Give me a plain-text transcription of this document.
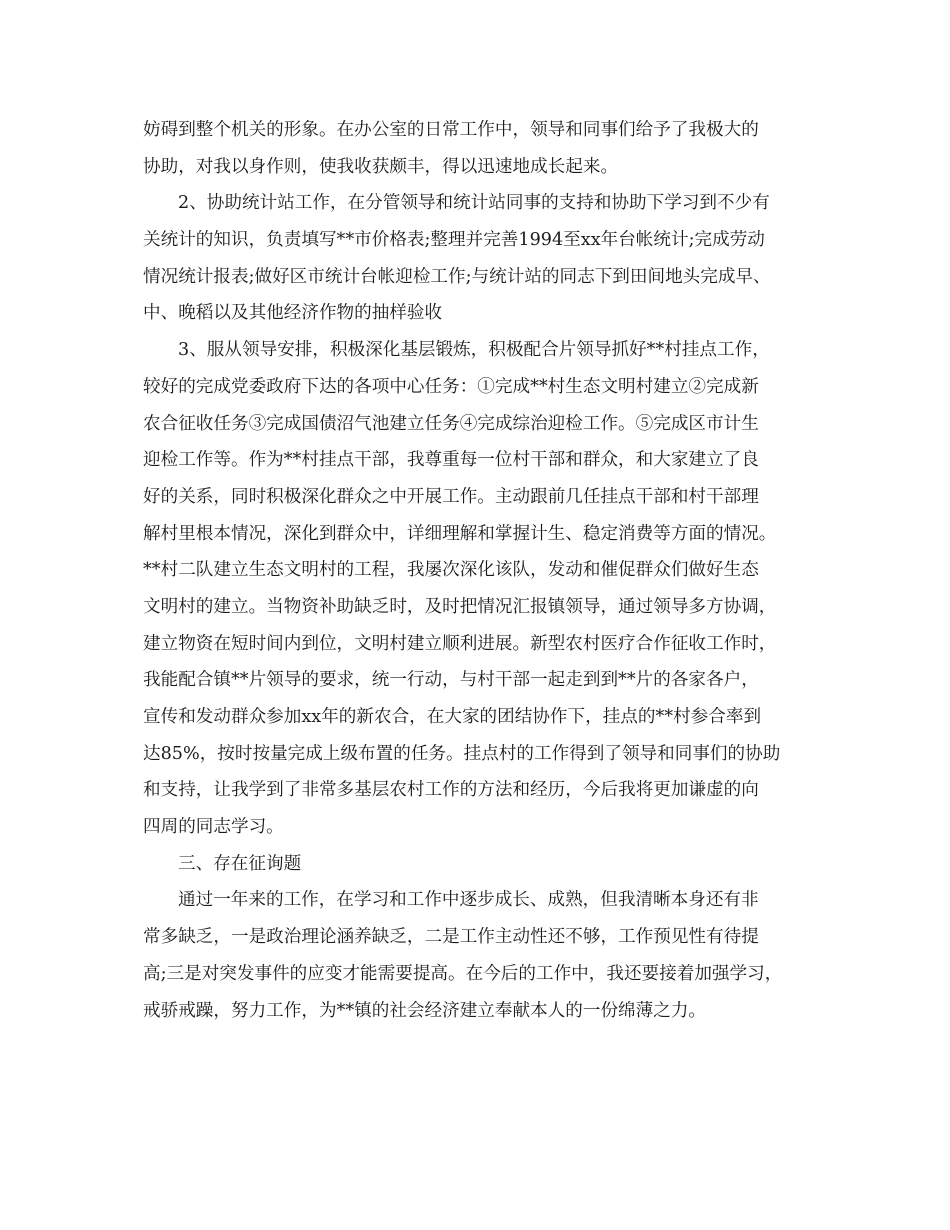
妨碍到整个机关的形象。在办公室的日常工作中，领导和同事们给予了我极大的
协助，对我以身作则，使我收获颇丰，得以迅速地成长起来。
2、协助统计站工作，在分管领导和统计站同事的支持和协助下学习到不少有
关统计的知识，负责填写**市价格表;整理并完善1994至xx年台帐统计;完成劳动
情况统计报表;做好区市统计台帐迎检工作;与统计站的同志下到田间地头完成早、
中、晚稻以及其他经济作物的抽样验收
3、服从领导安排，积极深化基层锻炼，积极配合片领导抓好**村挂点工作，
较好的完成党委政府下达的各项中心任务：①完成**村生态文明村建立②完成新
农合征收任务③完成国债沼气池建立任务④完成综治迎检工作。⑤完成区市计生
迎检工作等。作为**村挂点干部，我尊重每一位村干部和群众，和大家建立了良
好的关系，同时积极深化群众之中开展工作。主动跟前几任挂点干部和村干部理
解村里根本情况，深化到群众中，详细理解和掌握计生、稳定消费等方面的情况。
**村二队建立生态文明村的工程，我屡次深化该队，发动和催促群众们做好生态
文明村的建立。当物资补助缺乏时，及时把情况汇报镇领导，通过领导多方协调，
建立物资在短时间内到位，文明村建立顺利进展。新型农村医疗合作征收工作时，
我能配合镇**片领导的要求，统一行动，与村干部一起走到到**片的各家各户，
宣传和发动群众参加xx年的新农合，在大家的团结协作下，挂点的**村参合率到
达85%，按时按量完成上级布置的任务。挂点村的工作得到了领导和同事们的协助
和支持，让我学到了非常多基层农村工作的方法和经历，今后我将更加谦虚的向
四周的同志学习。
三、存在征询题
通过一年来的工作，在学习和工作中逐步成长、成熟，但我清晰本身还有非
常多缺乏，一是政治理论涵养缺乏，二是工作主动性还不够，工作预见性有待提
高;三是对突发事件的应变才能需要提高。在今后的工作中，我还要接着加强学习，
戒骄戒躁，努力工作，为**镇的社会经济建立奉献本人的一份绵薄之力。
